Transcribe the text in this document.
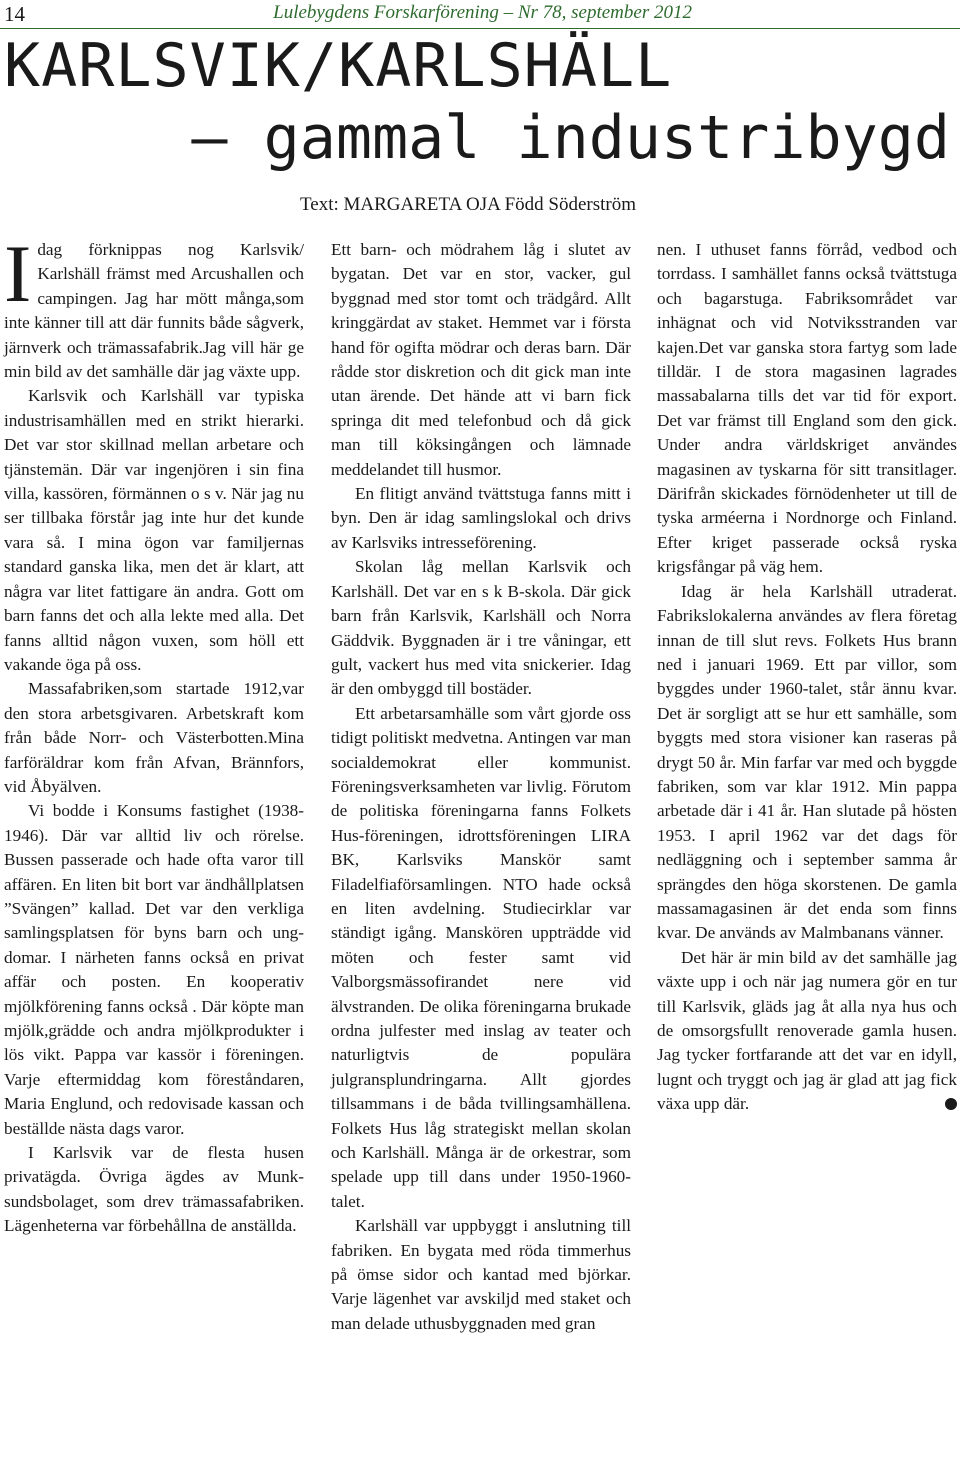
14	Lulebygdens Forskarförening – Nr 78, september 2012
KARLSVIK/KARLSHÄLL
– gammal industribygd
Text: MARGARETA OJA Född Söderström
I dag förknippas nog Karlsvik/ Karlshäll främst med Arcushallen och campingen. Jag har mött många,som inte känner till att där funnits både sågverk, järnverk och trämassafabrik.Jag vill här ge min bild av det samhälle där jag växte upp.

Karlsvik och Karlshäll var typiska industrisamhällen med en strikt hierarki. Det var stor skillnad mellan arbetare och tjänstemän. Där var ingenjören i sin fina villa, kassören, förmännen o s v. När jag nu ser tillbaka förstår jag inte hur det kunde vara så. I mina ögon var familjernas standard ganska lika, men det är klart, att några var litet fattigare än andra. Gott om barn fanns det och alla lekte med alla. Det fanns alltid någon vuxen, som höll ett vakande öga på oss.

Massafabriken,som startade 1912,var den stora arbetsgivaren. Arbetskraft kom från både Norr- och Västerbotten.Mina farföräldrar kom från Afvan, Brännfors, vid Åbyälven.

Vi bodde i Konsums fastighet (1938-1946). Där var alltid liv och rörelse. Bussen passerade och hade ofta varor till affären. En liten bit bort var ändhållplatsen ”Svängen” kallad. Det var den verkliga samlingsplatsen för byns barn och ungdomar. I närheten fanns också en privat affär och posten. En kooperativ mjölkförening fanns också . Där köpte man mjölk,grädde och andra mjölkprodukter i lös vikt. Pappa var kassör i föreningen. Varje eftermiddag kom föreståndaren, Maria Englund, och redovisade kassan och beställde nästa dags varor.

I Karlsvik var de flesta husen privatägda. Övriga ägdes av Munksundsbolaget, som drev trämassafabriken. Lägenheterna var förbehållna de anställda.

Ett barn- och mödrahem låg i slutet av bygatan. Det var en stor, vacker, gul byggnad med stor tomt och trädgård. Allt kringgärdat av staket. Hemmet var i första hand för ogifta mödrar och deras barn. Där rådde stor diskretion och dit gick man inte utan ärende. Det hände att vi barn fick springa dit med telefonbud och då gick man till köksingången och lämnade meddelandet till husmor.

En flitigt använd tvättstuga fanns mitt i byn. Den är idag samlingslokal och drivs av Karlsviks intresseförening.

Skolan låg mellan Karlsvik och Karlshäll. Det var en s k B-skola. Där gick barn från Karlsvik, Karlshäll och Norra Gäddvik. Byggnaden är i tre våningar, ett gult, vackert hus med vita snickerier. Idag är den ombyggd till bostäder.

Ett arbetarsamhälle som vårt gjorde oss tidigt politiskt medvetna. Antingen var man socialdemokrat eller kommunist. Föreningsverksamheten var livlig. Förutom de politiska föreningarna fanns Folkets Hus-föreningen, idrottsföreningen LIRA BK, Karlsviks Manskör samt Filadelfiaförsamlingen. NTO hade också en liten avdelning. Studiecirklar var ständigt igång. Manskören uppträdde vid möten och fester samt vid Valborgsmässofirandet nere vid älvstranden. De olika föreningarna brukade ordna julfester med inslag av teater och naturligtvis de populära julgransplundringarna. Allt gjordes tillsammans i de båda tvillingsamhällena. Folkets Hus låg strategiskt mellan skolan och Karlshäll. Många är de orkestrar, som spelade upp till dans under 1950-1960-talet.

Karlshäll var uppbyggt i anslutning till fabriken. En bygata med röda timmerhus på ömse sidor och kantad med björkar. Varje lägenhet var avskiljd med staket och man delade uthusbyggnaden med gran

nen. I uthuset fanns förråd, vedbod och torrdass. I samhället fanns också tvättstuga och bagarstuga. Fabriksområdet var inhägnat och vid Notviksstranden var kajen.Det var ganska stora fartyg som lade tilldär. I de stora magasinen lagrades massabalarna tills det var tid för export. Det var främst till England som den gick. Under andra världskriget användes magasinen av tyskarna för sitt transitlager. Därifrån skickades förnödenheter ut till de tyska arméerna i Nordnorge och Finland. Efter kriget passerade också ryska krigsfångar på väg hem.

Idag är hela Karlshäll utraderat. Fabrikslokalerna användes av flera företag innan de till slut revs. Folkets Hus brann ned i januari 1969. Ett par villor, som byggdes under 1960-talet, står ännu kvar. Det är sorgligt att se hur ett samhälle, som byggts med stora visioner kan raseras på drygt 50 år. Min farfar var med och byggde fabriken, som var klar 1912. Min pappa arbetade där i 41 år. Han slutade på hösten 1953. I april 1962 var det dags för nedläggning och i september samma år sprängdes den höga skorstenen. De gamla massamagasinen är det enda som finns kvar. De används av Malmbanans vänner.

Det här är min bild av det samhälle jag växte upp i och när jag numera gör en tur till Karlsvik, gläds jag åt alla nya hus och de omsorgsfullt renoverade gamla husen. Jag tycker fortfarande att det var en idyll, lugnt och tryggt och jag är glad att jag fick växa upp där.
